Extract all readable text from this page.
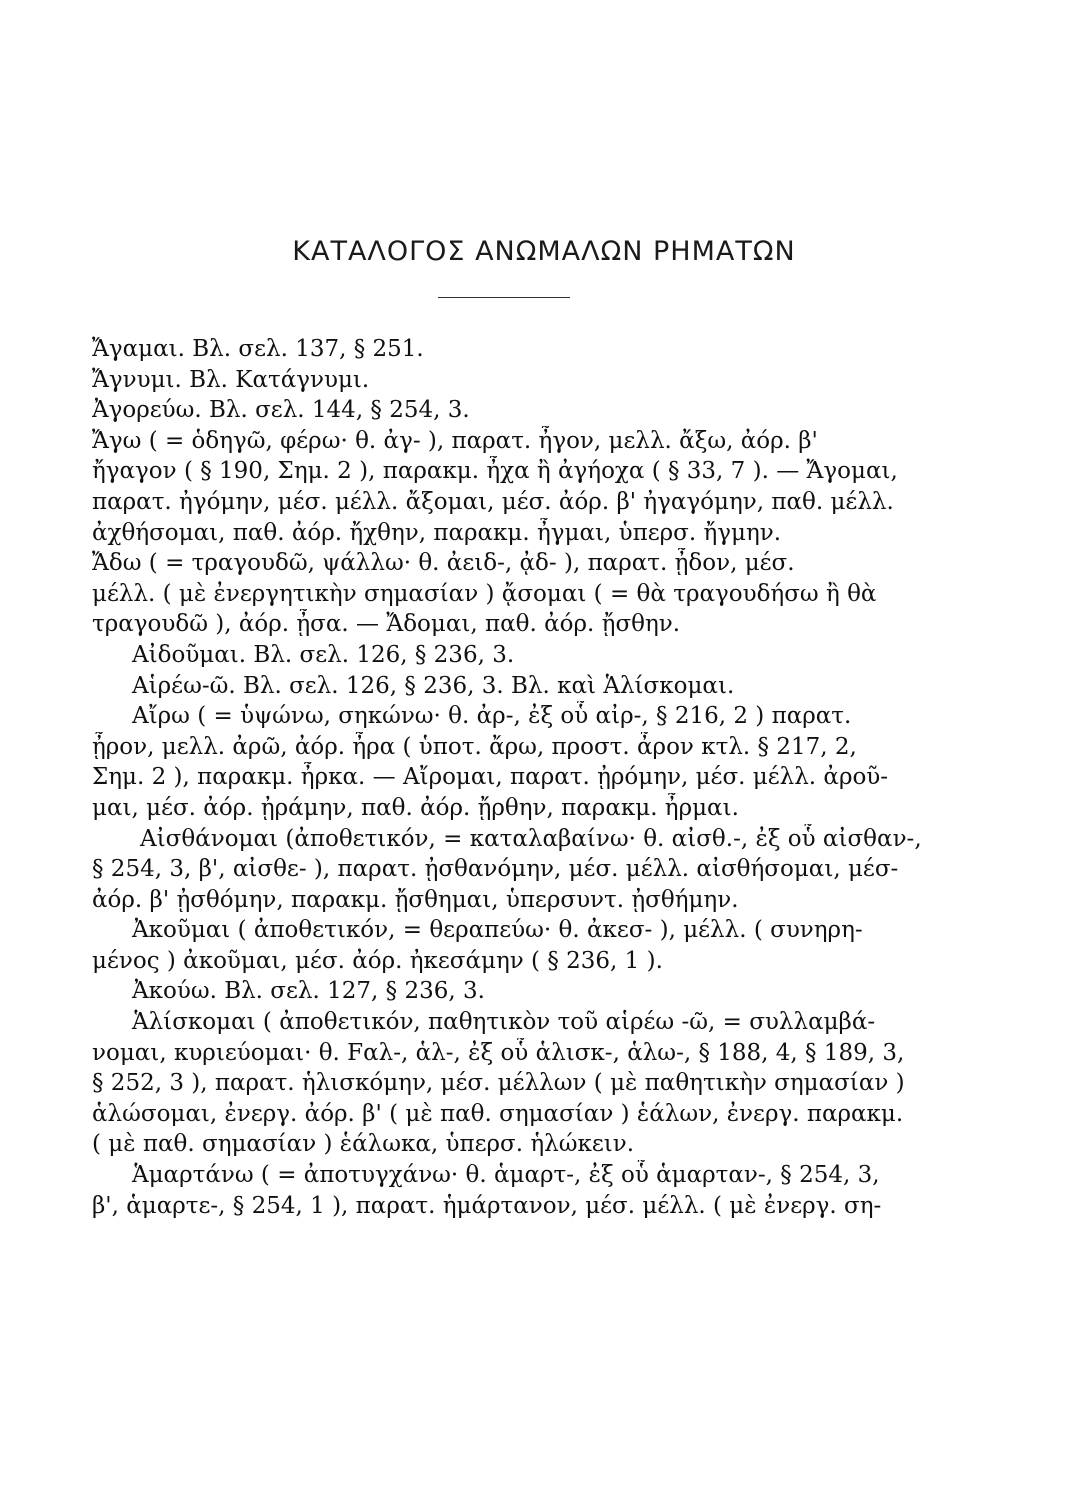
ΚΑΤΑΛΟΓΟΣ ΑΝΩΜΑΛΩΝ ΡΗΜΑΤΩΝ
Ἄγαμαι. Βλ. σελ. 137, § 251.
Ἄγνυμι. Βλ. Κατάγνυμι.
Ἀγορεύω. Βλ. σελ. 144, § 254, 3.
Ἄγω ( = ὁδηγῶ, φέρω· θ. ἀγ- ), παρατ. ἦγον, μελλ. ἄξω, ἀόρ. β'
ἤγαγον ( § 190, Σημ. 2 ), παρακμ. ἦχα ἢ ἀγήοχα ( § 33, 7 ). — Ἄγομαι,
παρατ. ἠγόμην, μέσ. μέλλ. ἄξομαι, μέσ. ἀόρ. β' ἠγαγόμην, παθ. μέλλ.
ἀχθήσομαι, παθ. ἀόρ. ἤχθην, παρακμ. ἦγμαι, ὑπερσ. ἤγμην.
Ἄδω ( = τραγουδῶ, ψάλλω· θ. ἀειδ-, ᾀδ- ), παρατ. ᾖδον, μέσ.
μέλλ. ( μὲ ἐνεργητικὴν σημασίαν ) ᾄσομαι ( = θὰ τραγουδήσω ἢ θὰ
τραγουδῶ ), ἀόρ. ᾖσα. — Ἄδομαι, παθ. ἀόρ. ᾔσθην.
Αἰδοῦμαι. Βλ. σελ. 126, § 236, 3.
Αἱρέω-ῶ. Βλ. σελ. 126, § 236, 3. Βλ. καὶ Ἁλίσκομαι.
Αἴρω ( = ὑψώνω, σηκώνω· θ. ἀρ-, ἐξ οὗ αἰρ-, § 216, 2 ) παρατ.
ᾖρον, μελλ. ἀρῶ, ἀόρ. ἦρα ( ὑποτ. ἄρω, προστ. ἆρον κτλ. § 217, 2,
Σημ. 2 ), παρακμ. ἦρκα. — Αἴρομαι, παρατ. ᾐρόμην, μέσ. μέλλ. ἀροῦ-
μαι, μέσ. ἀόρ. ᾐράμην, παθ. ἀόρ. ᾔρθην, παρακμ. ἦρμαι.
Αἰσθάνομαι (ἀποθετικόν, = καταλαβαίνω· θ. αἰσθ.-, ἐξ οὗ αἰσθαν-,
§ 254, 3, β', αἰσθε- ), παρατ. ᾐσθανόμην, μέσ. μέλλ. αἰσθήσομαι, μέσ-
ἀόρ. β' ᾐσθόμην, παρακμ. ᾔσθημαι, ὑπερσυντ. ᾐσθήμην.
Ἀκοῦμαι ( ἀποθετικόν, = θεραπεύω· θ. ἀκεσ- ), μέλλ. ( συνηρη-
μένος ) ἀκοῦμαι, μέσ. ἀόρ. ἠκεσάμην ( § 236, 1 ).
Ἀκούω. Βλ. σελ. 127, § 236, 3.
Ἁλίσκομαι ( ἀποθετικόν, παθητικὸν τοῦ αἱρέω -ῶ, = συλλαμβά-
νομαι, κυριεύομαι· θ. Fαλ-, ἁλ-, ἐξ οὗ ἁλισκ-, ἁλω-, § 188, 4, § 189, 3,
§ 252, 3 ), παρατ. ἡλισκόμην, μέσ. μέλλων ( μὲ παθητικὴν σημασίαν )
ἁλώσομαι, ἐνεργ. ἀόρ. β' ( μὲ παθ. σημασίαν ) ἑάλων, ἐνεργ. παρακμ.
( μὲ παθ. σημασίαν ) ἑάλωκα, ὑπερσ. ἡλώκειν.
Ἁμαρτάνω ( = ἀποτυγχάνω· θ. ἁμαρτ-, ἐξ οὗ ἁμαρταν-, § 254, 3,
β', ἁμαρτε-, § 254, 1 ), παρατ. ἡμάρτανον, μέσ. μέλλ. ( μὲ ἐνεργ. ση-
